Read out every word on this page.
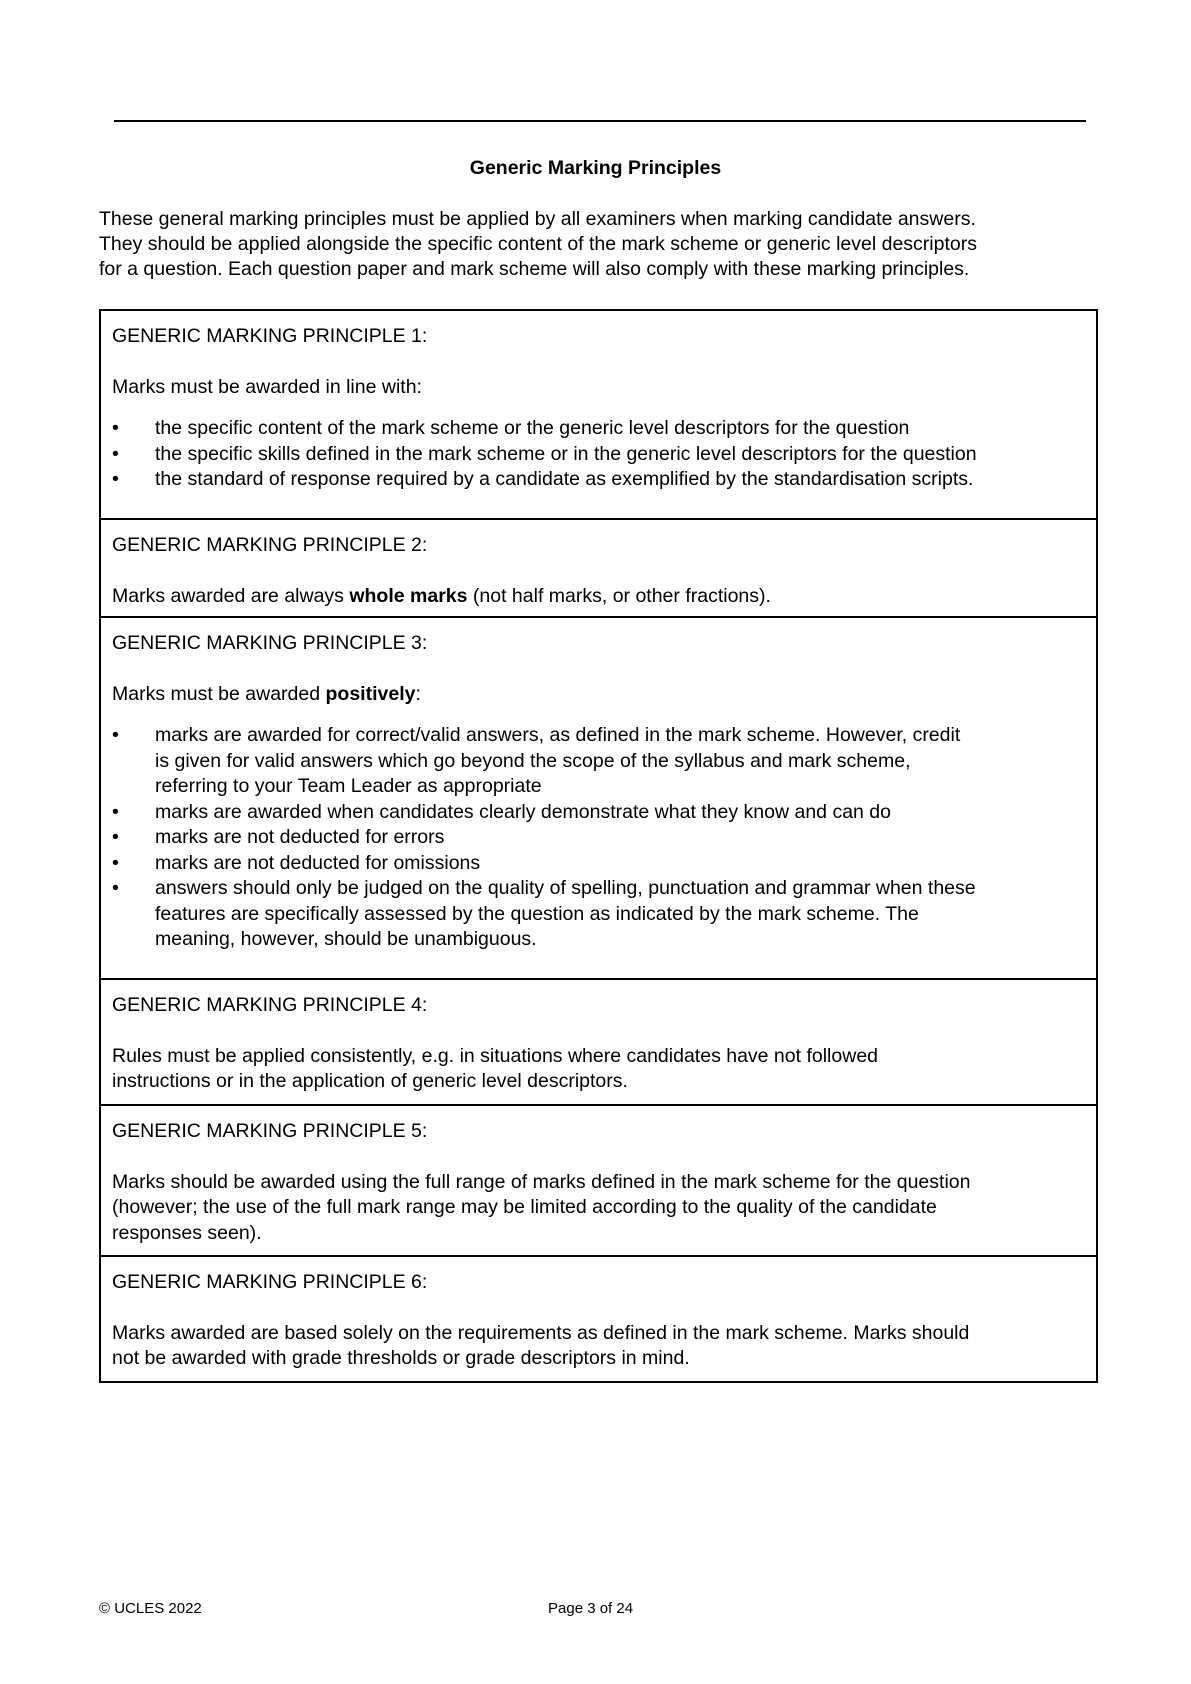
Generic Marking Principles
These general marking principles must be applied by all examiners when marking candidate answers.
They should be applied alongside the specific content of the mark scheme or generic level descriptors
for a question. Each question paper and mark scheme will also comply with these marking principles.
GENERIC MARKING PRINCIPLE 1:

Marks must be awarded in line with:

•	the specific content of the mark scheme or the generic level descriptors for the question
•	the specific skills defined in the mark scheme or in the generic level descriptors for the question
•	the standard of response required by a candidate as exemplified by the standardisation scripts.
GENERIC MARKING PRINCIPLE 2:

Marks awarded are always whole marks (not half marks, or other fractions).

GENERIC MARKING PRINCIPLE 3:

Marks must be awarded positively:

•	marks are awarded for correct/valid answers, as defined in the mark scheme. However, credit
is given for valid answers which go beyond the scope of the syllabus and mark scheme,
referring to your Team Leader as appropriate
•	marks are awarded when candidates clearly demonstrate what they know and can do
•	marks are not deducted for errors
•	marks are not deducted for omissions
•	answers should only be judged on the quality of spelling, punctuation and grammar when these
features are specifically assessed by the question as indicated by the mark scheme. The
meaning, however, should be unambiguous.
GENERIC MARKING PRINCIPLE 4:

Rules must be applied consistently, e.g. in situations where candidates have not followed
instructions or in the application of generic level descriptors.

GENERIC MARKING PRINCIPLE 5:

Marks should be awarded using the full range of marks defined in the mark scheme for the question
(however; the use of the full mark range may be limited according to the quality of the candidate
responses seen).

GENERIC MARKING PRINCIPLE 6:

Marks awarded are based solely on the requirements as defined in the mark scheme. Marks should
not be awarded with grade thresholds or grade descriptors in mind.

© UCLES 2022	Page 3 of 24
